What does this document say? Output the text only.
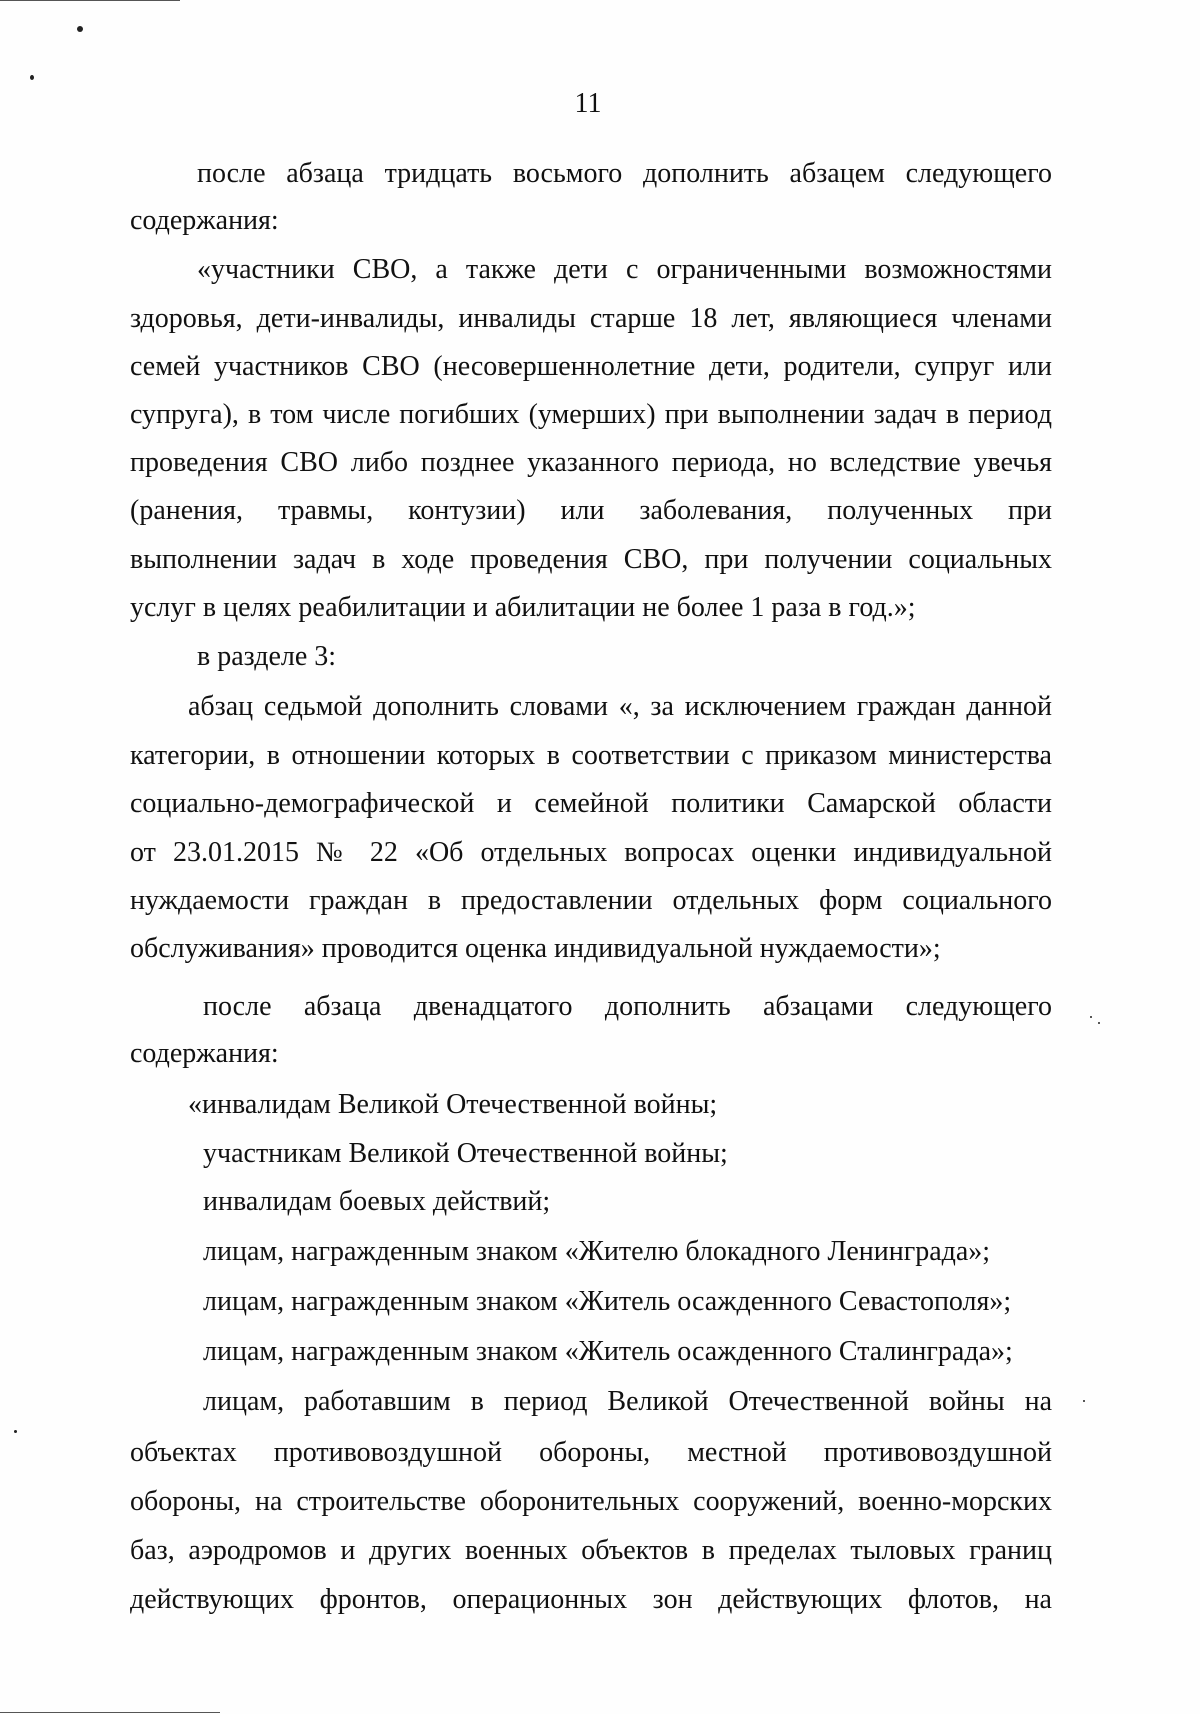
11
после абзаца тридцать восьмого дополнить абзацем следующего
содержания:
«участники СВО, а также дети с ограниченными возможностями
здоровья, дети-инвалиды, инвалиды старше 18 лет, являющиеся членами
семей участников СВО (несовершеннолетние дети, родители, супруг или
супруга), в том числе погибших (умерших) при выполнении задач в период
проведения СВО либо позднее указанного периода, но вследствие увечья
(ранения, травмы, контузии) или заболевания, полученных при
выполнении задач в ходе проведения СВО, при получении социальных
услуг в целях реабилитации и абилитации не более 1 раза в год.»;
в разделе 3:
абзац седьмой дополнить словами «, за исключением граждан данной
категории, в отношении которых в соответствии с приказом министерства
социально-демографической и семейной политики Самарской области
от 23.01.2015 № 22 «Об отдельных вопросах оценки индивидуальной
нуждаемости граждан в предоставлении отдельных форм социального
обслуживания» проводится оценка индивидуальной нуждаемости»;
после абзаца двенадцатого дополнить абзацами следующего
содержания:
«инвалидам Великой Отечественной войны;
участникам Великой Отечественной войны;
инвалидам боевых действий;
лицам, награжденным знаком «Жителю блокадного Ленинграда»;
лицам, награжденным знаком «Житель осажденного Севастополя»;
лицам, награжденным знаком «Житель осажденного Сталинграда»;
лицам, работавшим в период Великой Отечественной войны на
объектах противовоздушной обороны, местной противовоздушной
обороны, на строительстве оборонительных сооружений, военно-морских
баз, аэродромов и других военных объектов в пределах тыловых границ
действующих фронтов, операционных зон действующих флотов, на
